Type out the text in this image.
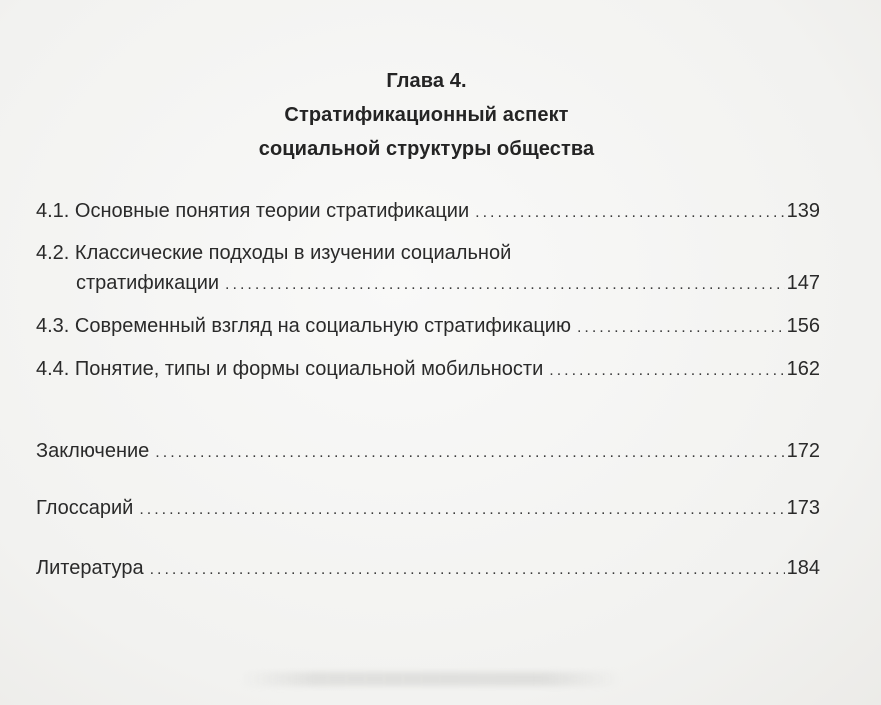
Глава 4.
Стратификационный аспект
социальной структуры общества
4.1. Основные понятия теории стратификации .....	139
4.2. Классические подходы в изучении социальной
стратификации .....	147
4.3. Современный взгляд на социальную стратификацию .....	156
4.4. Понятие, типы и формы социальной мобильности .....	162
Заключение .....	172
Глоссарий .....	173
Литература .....	184
